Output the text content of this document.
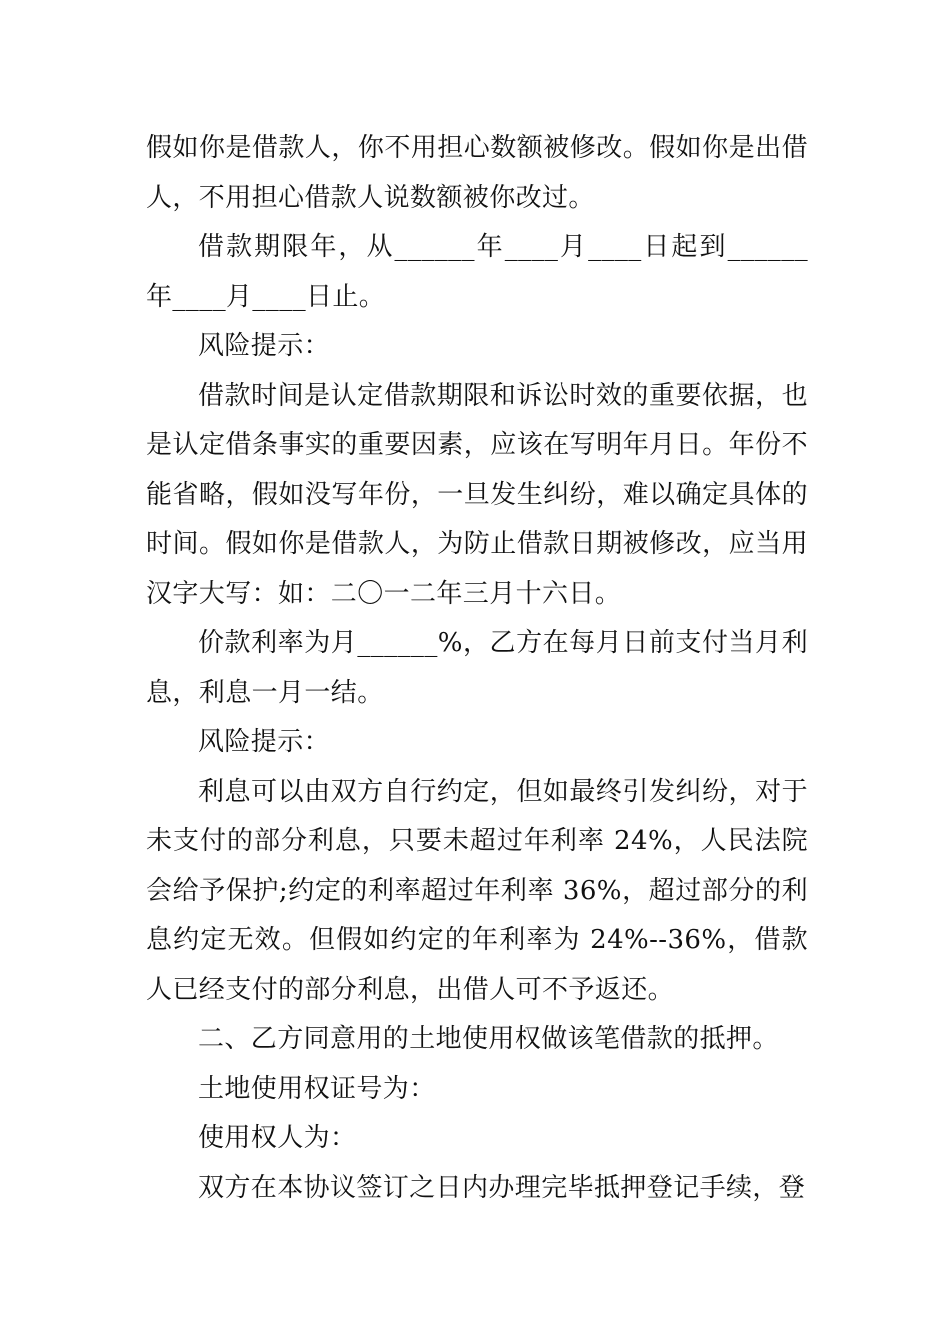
假如你是借款人，你不用担心数额被修改。假如你是出借人，不用担心借款人说数额被你改过。

借款期限年，从______年____月____日起到______年____月____日止。

风险提示：

借款时间是认定借款期限和诉讼时效的重要依据，也是认定借条事实的重要因素，应该在写明年月日。年份不能省略，假如没写年份，一旦发生纠纷，难以确定具体的时间。假如你是借款人，为防止借款日期被修改，应当用汉字大写：如：二〇一二年三月十六日。

价款利率为月______%，乙方在每月日前支付当月利息，利息一月一结。

风险提示：

利息可以由双方自行约定，但如最终引发纠纷，对于未支付的部分利息，只要未超过年利率 24%，人民法院会给予保护;约定的利率超过年利率 36%，超过部分的利息约定无效。但假如约定的年利率为 24%--36%，借款人已经支付的部分利息，出借人可不予返还。

二、乙方同意用的土地使用权做该笔借款的抵押。

土地使用权证号为：

使用权人为：

双方在本协议签订之日内办理完毕抵押登记手续，登
